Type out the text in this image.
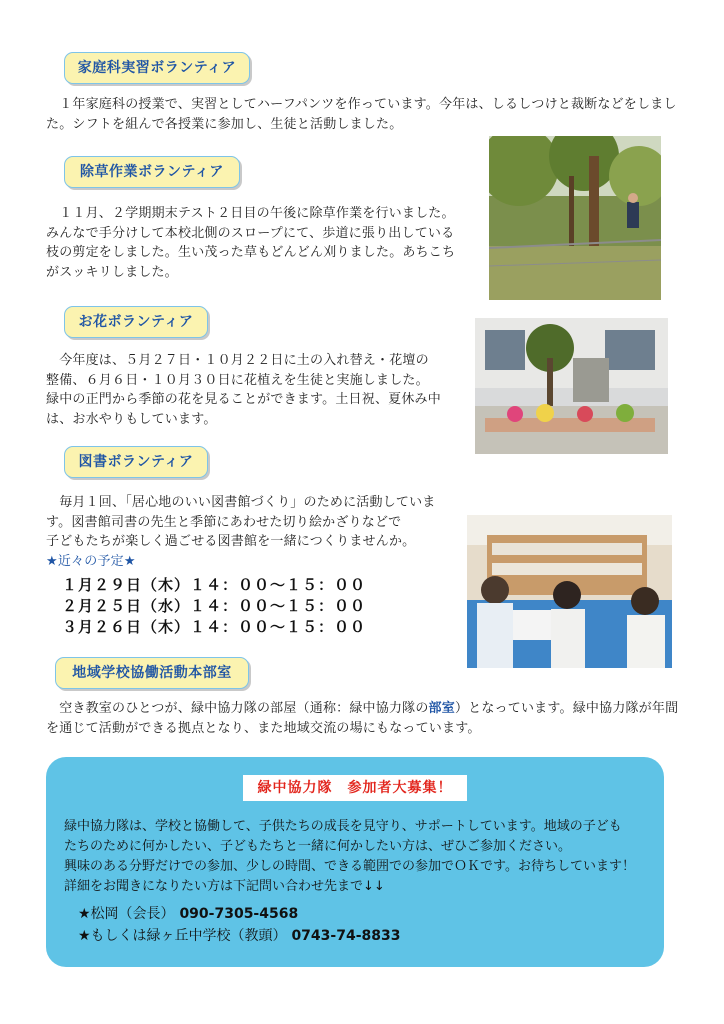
家庭科実習ボランティア
　１年家庭科の授業で、実習としてハーフパンツを作っています。今年は、しるしつけと裁断などをしまし
た。シフトを組んで各授業に参加し、生徒と活動しました。
除草作業ボランティア
　１１月、２学期期末テスト２日目の午後に除草作業を行いました。
みんなで手分けして本校北側のスロープにて、歩道に張り出している
枝の剪定をしました。生い茂った草もどんどん刈りました。あちこち
がスッキリしました。
お花ボランティア
　今年度は、５月２７日・１０月２２日に土の入れ替え・花壇の
整備、６月６日・１０月３０日に花植えを生徒と実施しました。
緑中の正門から季節の花を見ることができます。土日祝、夏休み中
は、お水やりもしています。
図書ボランティア
　毎月１回、「居心地のいい図書館づくり」のために活動していま
す。図書館司書の先生と季節にあわせた切り絵かざりなどで
子どもたちが楽しく過ごせる図書館を一緒につくりませんか。
★近々の予定★
１月２９日（木）１４：００～１５：００
２月２５日（水）１４：００～１５：００
３月２６日（木）１４：００～１５：００
地域学校協働活動本部室
　空き教室のひとつが、緑中協力隊の部屋（通称：緑中協力隊の部室）となっています。緑中協力隊が年間
を通じて活動ができる拠点となり、また地域交流の場にもなっています。
緑中協力隊　参加者大募集！
緑中協力隊は、学校と協働して、子供たちの成長を見守り、サポートしています。地域の子ども
たちのために何かしたい、子どもたちと一緒に何かしたい方は、ぜひご参加ください。
興味のある分野だけでの参加、少しの時間、できる範囲での参加でＯＫです。お待ちしています！
詳細をお聞きになりたい方は下記問い合わせ先まで↓↓
★松岡（会長） 090-7305-4568
★もしくは緑ヶ丘中学校（教頭） 0743-74-8833
